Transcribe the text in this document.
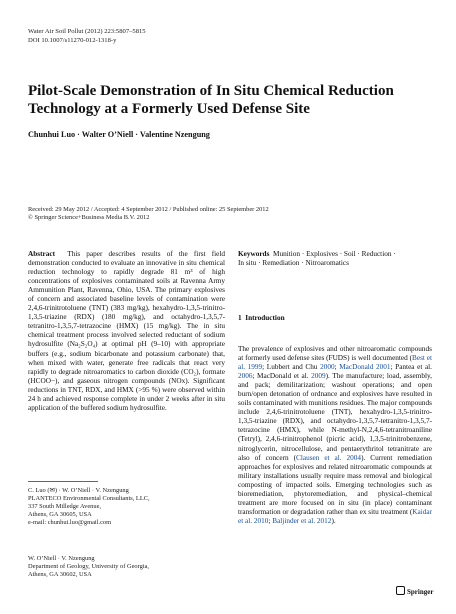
Water Air Soil Pollut (2012) 223:5807–5815
DOI 10.1007/s11270-012-1318-y
Pilot-Scale Demonstration of In Situ Chemical Reduction
Technology at a Formerly Used Defense Site
Chunhui Luo · Walter O’Niell · Valentine Nzengung
Received: 29 May 2012 / Accepted: 4 September 2012 / Published online: 25 September 2012
© Springer Science+Business Media B.V. 2012

Abstract This paper describes results of the first field demonstration conducted to evaluate an innovative in situ chemical reduction technology to rapidly degrade 81 m³ of high concentrations of explosives contaminated soils at Ravenna Army Ammunition Plant, Ravenna, Ohio, USA. The primary explosives of concern and associated baseline levels of contamination were 2,4,6-trinitrotoluene (TNT) (383 mg/kg), hexahydro-1,3,5-trinitro-1,3,5-triazine (RDX) (180 mg/kg), and octahydro-1,3,5,7-tetranitro-1,3,5,7-tetrazocine (HMX) (15 mg/kg). The in situ chemical treatment process involved selected reductant of sodium hydrosulfite (Na₂S₂O₄) at optimal pH (9–10) with appropriate buffers (e.g., sodium bicarbonate and potassium carbonate) that, when mixed with water, generate free radicals that react very rapidly to degrade nitroaromatics to carbon dioxide (CO₂), formate (HCOO−), and gaseous nitrogen compounds (NOx). Significant reductions in TNT, RDX, and HMX (>95 %) were observed within 24 h and achieved response complete in under 2 weeks after in situ application of the buffered sodium hydrosulfite.

Keywords Munition · Explosives · Soil · Reduction ·
In situ · Remediation · Nitroaromatics
1 Introduction

The prevalence of explosives and other nitroaromatic compounds at formerly used defense sites (FUDS) is well documented (Best et al. 1999; Lubbert and Chu 2000; MacDonald 2001; Pantea et al. 2006; MacDonald et al. 2009). The manufacture; load, assembly, and pack; demilitarization; washout operations; and open burn/open detonation of ordnance and explosives have resulted in soils contaminated with munitions residues. The major compounds include 2,4,6-trinitrotoluene (TNT), hexahydro-1,3,5-trinitro-1,3,5-triazine (RDX), and octahydro-1,3,5,7-tetranitro-1,3,5,7-tetrazocine (HMX), while N-methyl-N,2,4,6-tetranitroaniline (Tetryl), 2,4,6-trinitrophenol (picric acid), 1,3,5-trinitrobenzene, nitroglycerin, nitrocellulose, and pentaerythritol tetranitrate are also of concern (Clausen et al. 2004). Current remediation approaches for explosives and related nitroaromatic compounds at military installations usually require mass removal and biological composting of impacted soils. Emerging technologies such as bioremediation, phytoremediation, and physical–chemical treatment are more focused on in situ (in place) contaminant transformation or degradation rather than ex situ treatment (Kaidar et al. 2010; Baljinder et al. 2012).

C. Luo (✉) · W. O’Niell · V. Nzengung
PLANTECO Environmental Consultants, LLC,
337 South Milledge Avenue,
Athens, GA 30605, USA
e-mail: chunhui.luo@gmail.com
W. O’Niell · V. Nzengung
Department of Geology, University of Georgia,
Athens, GA 30602, USA
Springer
